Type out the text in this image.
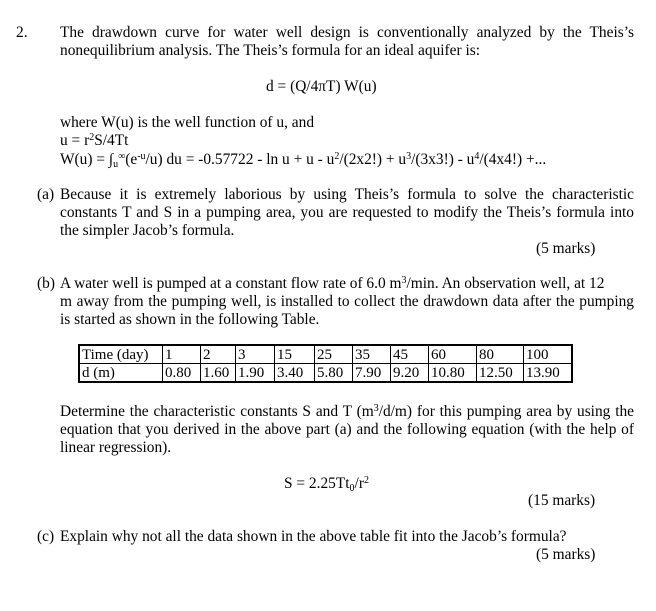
2. The drawdown curve for water well design is conventionally analyzed by the Theis’s
nonequilibrium analysis. The Theis’s formula for an ideal aquifer is:
d = (Q/4πT) W(u)
where W(u) is the well function of u, and
$u = r^2S/4Tt$
$W(u) = \int_u^\infty(e^{-u}/u)$ du = $-0.57722 - \ln u + u - u^2/(2x2!) + u^3/(3x3!) - u^4/(4x4!)$ +...
(a) Because it is extremely laborious by using Theis’s formula to solve the characteristic
constants T and S in a pumping area, you are requested to modify the Theis’s formula into
the simpler Jacob’s formula.
(5 marks)
(b) A water well is pumped at a constant flow rate of 6.0 $m^3/\min$. An observation well, at 12
m away from the pumping well, is installed to collect the drawdown data after the pumping
is started as shown in the following Table.
Time (day)	1	2	3	15	25	35	45	60	80	100
d (m)	0.80	1.60	1.90	3.40	5.80	7.90	9.20	10.80	12.50	13.90
Determine the characteristic constants S and T $(m^3/d/m)$ for this pumping area by using the
equation that you derived in the above part (a) and the following equation (with the help of
linear regression).
$S = 2.25Tt_0/r^2$
(15 marks)
(c) Explain why not all the data shown in the above table fit into the Jacob’s formula?
(5 marks)
